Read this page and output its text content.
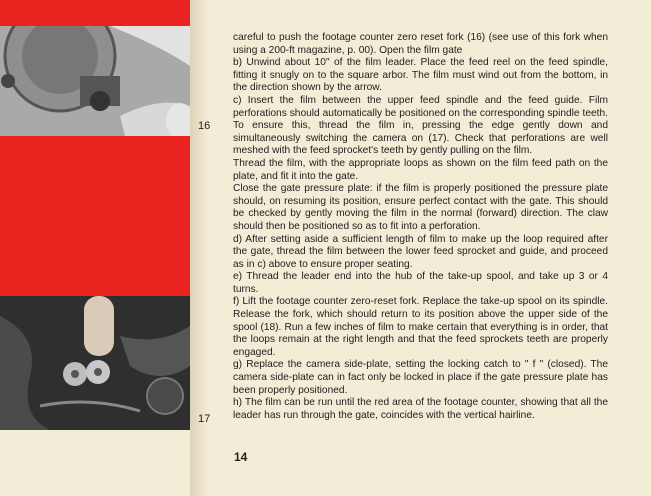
16
17

careful to push the footage counter zero reset fork (16) (see use of this fork when using a 200-ft magazine, p. 00). Open the film gate

b) Unwind about 10" of the film leader. Place the feed reel on the feed spindle, fitting it snugly on to the square arbor. The film must wind out from the bottom, in the direction shown by the arrow.

c) Insert the film between the upper feed spindle and the feed guide. Film perforations should automatically be positioned on the corresponding spindle teeth. To ensure this, thread the film in, pressing the edge gently down and simultaneously switching the camera on (17). Check that perforations are well meshed with the feed sprocket's teeth by gently pulling on the film.

Thread the film, with the appropriate loops as shown on the film feed path on the plate, and fit it into the gate.

Close the gate pressure plate: if the film is properly positioned the pressure plate should, on resuming its position, ensure perfect contact with the gate. This should be checked by gently moving the film in the normal (forward) direction. The claw should then be positioned so as to fit into a perforation.

d) After setting aside a sufficient length of film to make up the loop required after the gate, thread the film between the lower feed sprocket and guide, and proceed as in c) above to ensure proper seating.

e) Thread the leader end into the hub of the take-up spool, and take up 3 or 4 turns.

f) Lift the footage counter zero-reset fork. Replace the take-up spool on its spindle. Release the fork, which should return to its position above the upper side of the spool (18). Run a few inches of film to make certain that everything is in order, that the loops remain at the right length and that the feed sprockets teeth are properly engaged.

g) Replace the camera side-plate, setting the locking catch to " f " (closed). The camera side-plate can in fact only be locked in place if the gate pressure plate has been properly positioned.

h) The film can be run until the red area of the footage counter, showing that all the leader has run through the gate, coincides with the vertical hairline.

14
